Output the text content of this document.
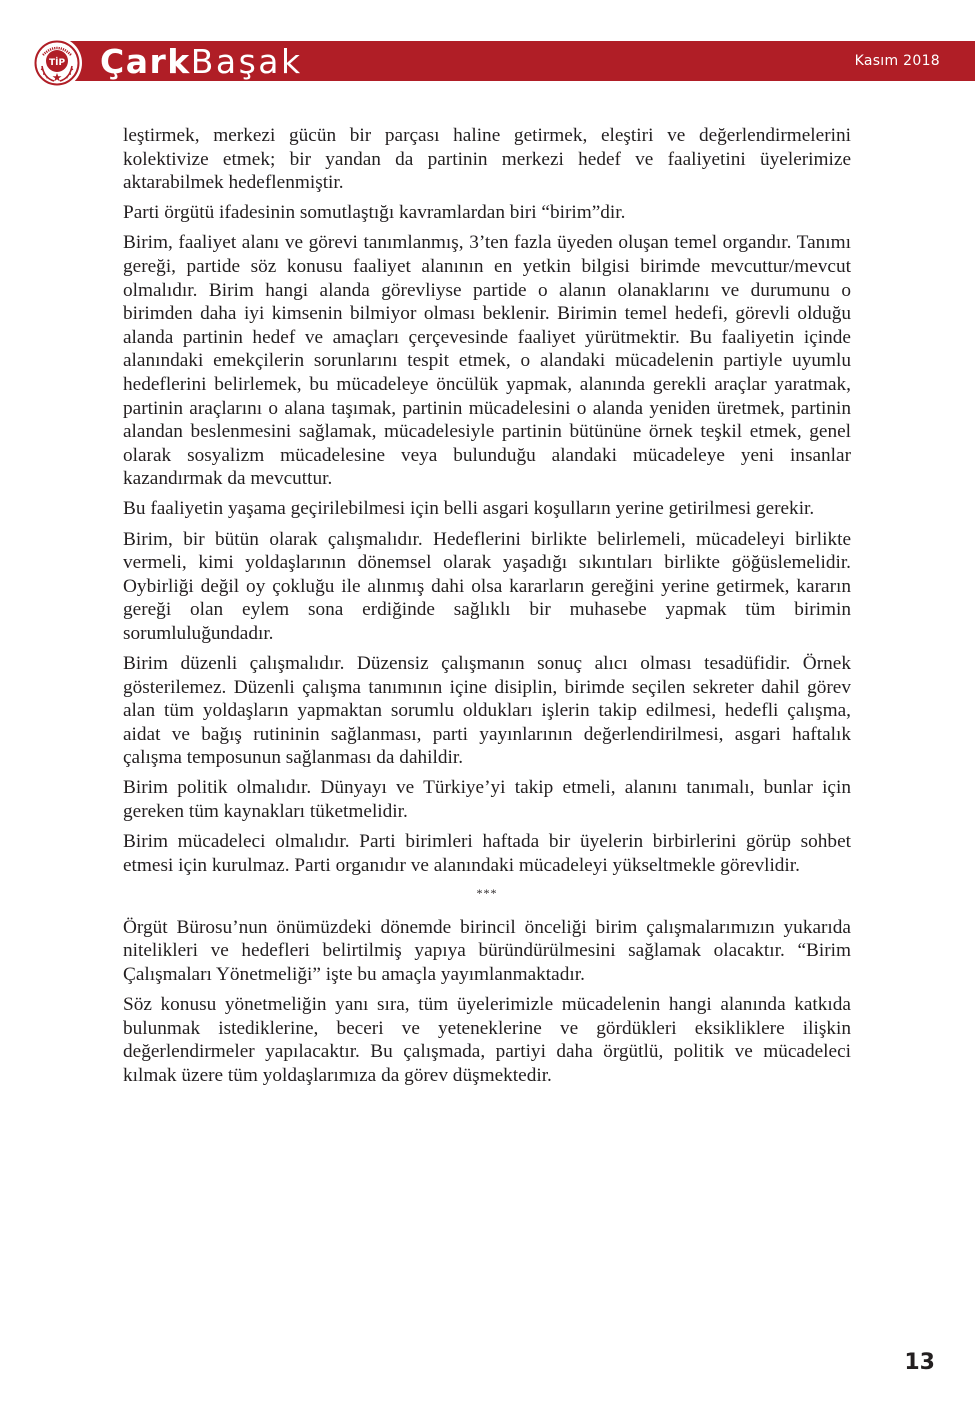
TİP Çark Başak	Kasım 2018

leştirmek, merkezi gücün bir parçası haline getirmek, eleştiri ve değerlendirmelerini kolektivize etmek; bir yandan da partinin merkezi hedef ve faaliyetini üyelerimize aktarabilmek hedeflenmiştir.

Parti örgütü ifadesinin somutlaştığı kavramlardan biri “birim”dir.

Birim, faaliyet alanı ve görevi tanımlanmış, 3’ten fazla üyeden oluşan temel organdır. Tanımı gereği, partide söz konusu faaliyet alanının en yetkin bilgisi birimde mevcuttur/mevcut olmalıdır. Birim hangi alanda görevliyse partide o alanın olanaklarını ve durumunu o birimden daha iyi kimsenin bilmiyor olması beklenir. Birimin temel hedefi, görevli olduğu alanda partinin hedef ve amaçları çerçevesinde faaliyet yürütmektir. Bu faaliyetin içinde alanındaki emekçilerin sorunlarını tespit etmek, o alandaki mücadelenin partiyle uyumlu hedeflerini belirlemek, bu mücadeleye öncülük yapmak, alanında gerekli araçlar yaratmak, partinin araçlarını o alana taşımak, partinin mücadelesini o alanda yeniden üretmek, partinin alandan beslenmesini sağlamak, mücadelesiyle partinin bütününe örnek teşkil etmek, genel olarak sosyalizm mücadelesine veya bulunduğu alandaki mücadeleye yeni insanlar kazandırmak da mevcuttur.

Bu faaliyetin yaşama geçirilebilmesi için belli asgari koşulların yerine getirilmesi gerekir.

Birim, bir bütün olarak çalışmalıdır. Hedeflerini birlikte belirlemeli, mücadeleyi birlikte vermeli, kimi yoldaşlarının dönemsel olarak yaşadığı sıkıntıları birlikte göğüslemelidir. Oybirliği değil oy çokluğu ile alınmış dahi olsa kararların gereğini yerine getirmek, kararın gereği olan eylem sona erdiğinde sağlıklı bir muhasebe yapmak tüm birimin sorumluluğundadır.

Birim düzenli çalışmalıdır. Düzensiz çalışmanın sonuç alıcı olması tesadüfidir. Örnek gösterilemez. Düzenli çalışma tanımının içine disiplin, birimde seçilen sekreter dahil görev alan tüm yoldaşların yapmaktan sorumlu oldukları işlerin takip edilmesi, hedefli çalışma, aidat ve bağış rutininin sağlanması, parti yayınlarının değerlendirilmesi, asgari haftalık çalışma temposunun sağlanması da dahildir.

Birim politik olmalıdır. Dünyayı ve Türkiye’yi takip etmeli, alanını tanımalı, bunlar için gereken tüm kaynakları tüketmelidir.

Birim mücadeleci olmalıdır. Parti birimleri haftada bir üyelerin birbirlerini görüp sohbet etmesi için kurulmaz. Parti organıdır ve alanındaki mücadeleyi yükseltmekle görevlidir.

***

Örgüt Bürosu’nun önümüzdeki dönemde birincil önceliği birim çalışmalarımızın yukarıda nitelikleri ve hedefleri belirtilmiş yapıya büründürülmesini sağlamak olacaktır. “Birim Çalışmaları Yönetmeliği” işte bu amaçla yayımlanmaktadır.

Söz konusu yönetmeliğin yanı sıra, tüm üyelerimizle mücadelenin hangi alanında katkıda bulunmak istediklerine, beceri ve yeteneklerine ve gördükleri eksikliklere ilişkin değerlendirmeler yapılacaktır. Bu çalışmada, partiyi daha örgütlü, politik ve mücadeleci kılmak üzere tüm yoldaşlarımıza da görev düşmektedir.

13
